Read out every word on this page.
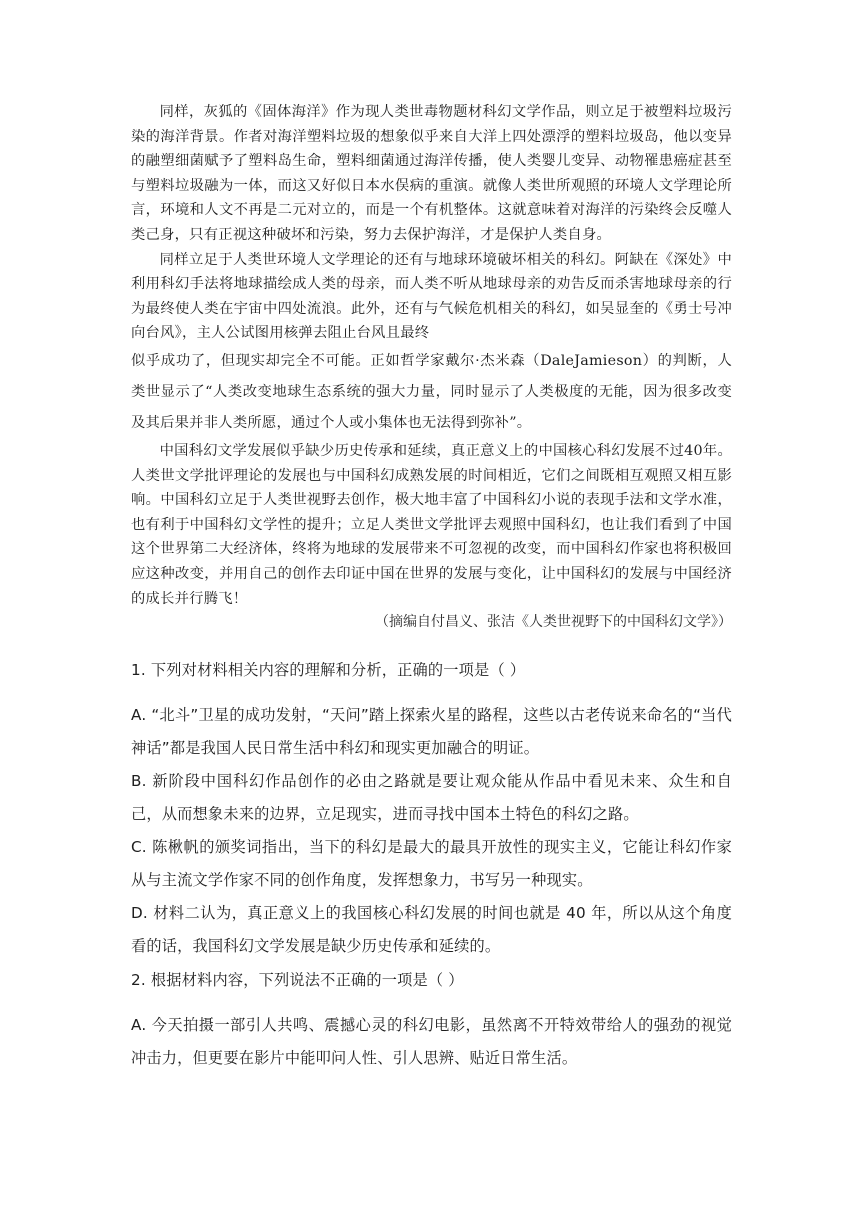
同样，灰狐的《固体海洋》作为现人类世毒物题材科幻文学作品，则立足于被塑料垃圾污染的海洋背景。作者对海洋塑料垃圾的想象似乎来自大洋上四处漂浮的塑料垃圾岛，他以变异的融塑细菌赋予了塑料岛生命，塑料细菌通过海洋传播，使人类婴儿变异、动物罹患癌症甚至与塑料垃圾融为一体，而这又好似日本水俣病的重演。就像人类世所观照的环境人文学理论所言，环境和人文不再是二元对立的，而是一个有机整体。这就意味着对海洋的污染终会反噬人类己身，只有正视这种破坏和污染，努力去保护海洋，才是保护人类自身。

同样立足于人类世环境人文学理论的还有与地球环境破坏相关的科幻。阿缺在《深处》中利用科幻手法将地球描绘成人类的母亲，而人类不听从地球母亲的劝告反而杀害地球母亲的行为最终使人类在宇宙中四处流浪。此外，还有与气候危机相关的科幻，如吴显奎的《勇士号冲向台风》，主人公试图用核弹去阻止台风且最终

似乎成功了，但现实却完全不可能。正如哲学家戴尔·杰米森（DaleJamieson）的判断，人类世显示了“人类改变地球生态系统的强大力量，同时显示了人类极度的无能，因为很多改变及其后果并非人类所愿，通过个人或小集体也无法得到弥补”。

中国科幻文学发展似乎缺少历史传承和延续，真正意义上的中国核心科幻发展不过40年。人类世文学批评理论的发展也与中国科幻成熟发展的时间相近，它们之间既相互观照又相互影响。中国科幻立足于人类世视野去创作，极大地丰富了中国科幻小说的表现手法和文学水准，也有利于中国科幻文学性的提升；立足人类世文学批评去观照中国科幻，也让我们看到了中国这个世界第二大经济体，终将为地球的发展带来不可忽视的改变，而中国科幻作家也将积极回应这种改变，并用自己的创作去印证中国在世界的发展与变化，让中国科幻的发展与中国经济的成长并行腾飞！

（摘编自付昌义、张洁《人类世视野下的中国科幻文学》）

1. 下列对材料相关内容的理解和分析，正确的一项是（ ）
A. “北斗”卫星的成功发射，“天问”踏上探索火星的路程，这些以古老传说来命名的“当代神话”都是我国人民日常生活中科幻和现实更加融合的明证。
B. 新阶段中国科幻作品创作的必由之路就是要让观众能从作品中看见未来、众生和自己，从而想象未来的边界，立足现实，进而寻找中国本土特色的科幻之路。
C. 陈楸帆的颁奖词指出，当下的科幻是最大的最具开放性的现实主义，它能让科幻作家从与主流文学作家不同的创作角度，发挥想象力，书写另一种现实。
D. 材料二认为，真正意义上的我国核心科幻发展的时间也就是 40 年，所以从这个角度看的话，我国科幻文学发展是缺少历史传承和延续的。
2. 根据材料内容，下列说法不正确的一项是（ ）
A. 今天拍摄一部引人共鸣、震撼心灵的科幻电影，虽然离不开特效带给人的强劲的视觉冲击力，但更要在影片中能叩问人性、引人思辨、贴近日常生活。
